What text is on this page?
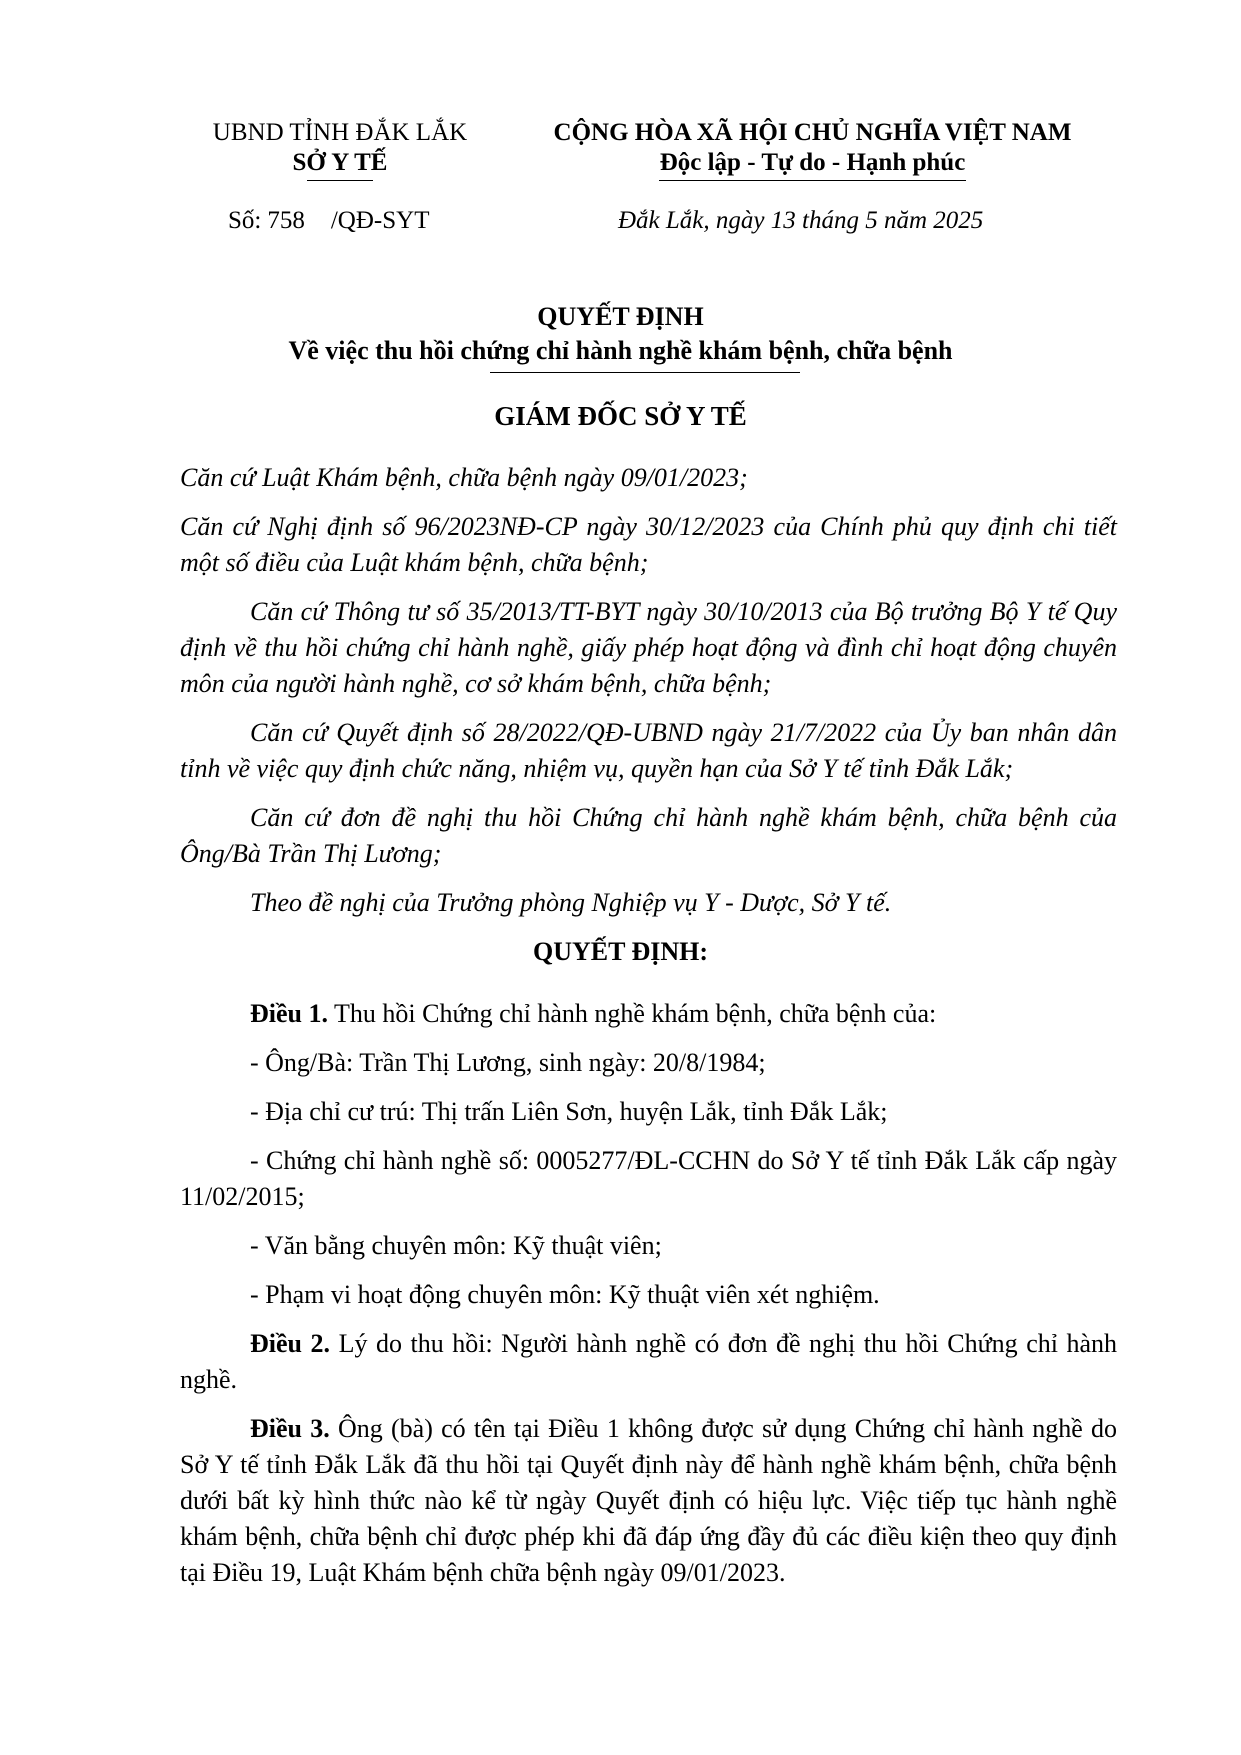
UBND TỈNH ĐẮK LẮK
SỞ Y TẾ
CỘNG HÒA XÃ HỘI CHỦ NGHĨA VIỆT NAM
Độc lập - Tự do - Hạnh phúc
Số: 758 /QĐ-SYT	Đắk Lắk, ngày 13 tháng 5 năm 2025
QUYẾT ĐỊNH
Về việc thu hồi chứng chỉ hành nghề khám bệnh, chữa bệnh
GIÁM ĐỐC SỞ Y TẾ

Căn cứ Luật Khám bệnh, chữa bệnh ngày 09/01/2023;

Căn cứ Nghị định số 96/2023NĐ-CP ngày 30/12/2023 của Chính phủ quy định chi tiết một số điều của Luật khám bệnh, chữa bệnh;

Căn cứ Thông tư số 35/2013/TT-BYT ngày 30/10/2013 của Bộ trưởng Bộ Y tế Quy định về thu hồi chứng chỉ hành nghề, giấy phép hoạt động và đình chỉ hoạt động chuyên môn của người hành nghề, cơ sở khám bệnh, chữa bệnh;

Căn cứ Quyết định số 28/2022/QĐ-UBND ngày 21/7/2022 của Ủy ban nhân dân tỉnh về việc quy định chức năng, nhiệm vụ, quyền hạn của Sở Y tế tỉnh Đắk Lắk;

Căn cứ đơn đề nghị thu hồi Chứng chỉ hành nghề khám bệnh, chữa bệnh của Ông/Bà Trần Thị Lương;

Theo đề nghị của Trưởng phòng Nghiệp vụ Y - Dược, Sở Y tế.

QUYẾT ĐỊNH:

Điều 1. Thu hồi Chứng chỉ hành nghề khám bệnh, chữa bệnh của:

- Ông/Bà: Trần Thị Lương, sinh ngày: 20/8/1984;

- Địa chỉ cư trú: Thị trấn Liên Sơn, huyện Lắk, tỉnh Đắk Lắk;

- Chứng chỉ hành nghề số: 0005277/ĐL-CCHN do Sở Y tế tỉnh Đắk Lắk cấp ngày 11/02/2015;

- Văn bằng chuyên môn: Kỹ thuật viên;

- Phạm vi hoạt động chuyên môn: Kỹ thuật viên xét nghiệm.

Điều 2. Lý do thu hồi: Người hành nghề có đơn đề nghị thu hồi Chứng chỉ hành nghề.

Điều 3. Ông (bà) có tên tại Điều 1 không được sử dụng Chứng chỉ hành nghề do Sở Y tế tỉnh Đắk Lắk đã thu hồi tại Quyết định này để hành nghề khám bệnh, chữa bệnh dưới bất kỳ hình thức nào kể từ ngày Quyết định có hiệu lực. Việc tiếp tục hành nghề khám bệnh, chữa bệnh chỉ được phép khi đã đáp ứng đầy đủ các điều kiện theo quy định tại Điều 19, Luật Khám bệnh chữa bệnh ngày 09/01/2023.
